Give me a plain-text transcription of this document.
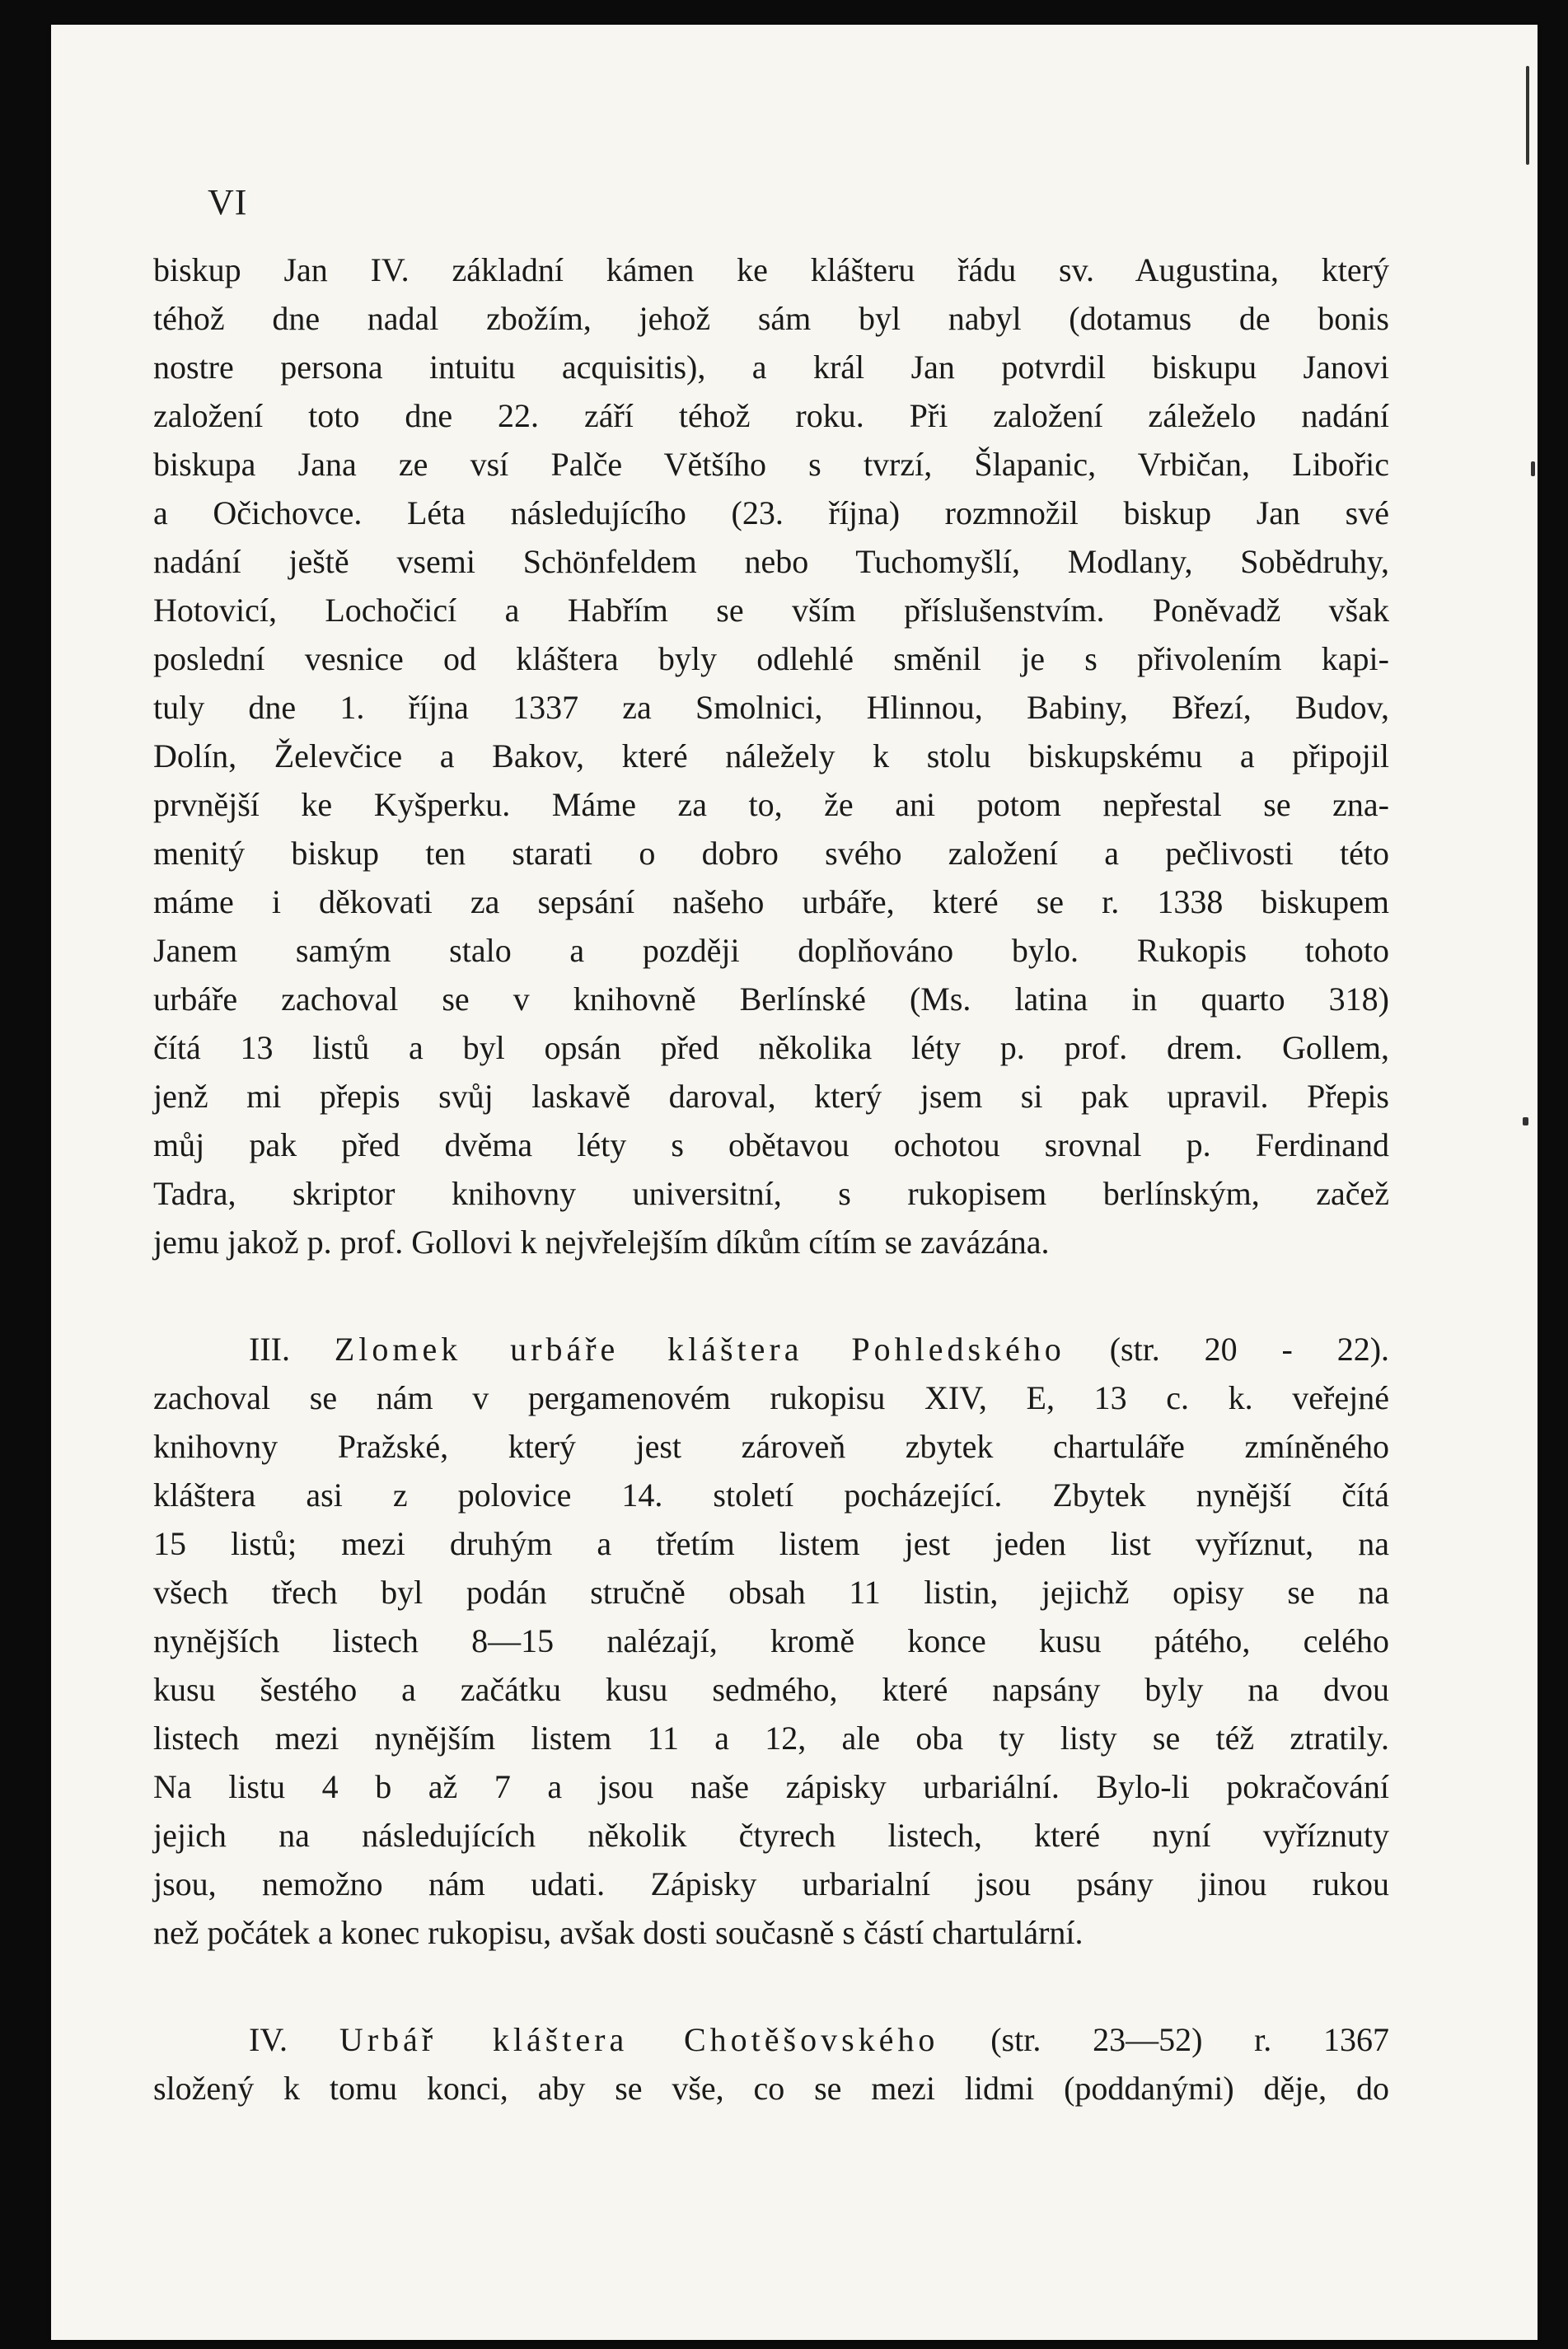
VI
biskup Jan IV. základní kámen ke klášteru řádu sv. Augustina, který
téhož dne nadal zbožím, jehož sám byl nabyl (dotamus de bonis
nostre persona intuitu acquisitis), a král Jan potvrdil biskupu Janovi
založení toto dne 22. září téhož roku. Při založení záleželo nadání
biskupa Jana ze vsí Palče Většího s tvrzí, Šlapanic, Vrbičan, Libořic
a Očichovce. Léta následujícího (23. října) rozmnožil biskup Jan své
nadání ještě vsemi Schönfeldem nebo Tuchomyšlí, Modlany, Sobědruhy,
Hotovicí, Lochočicí a Habřím se vším příslušenstvím. Poněvadž však
poslední vesnice od kláštera byly odlehlé směnil je s přivolením kapi-
tuly dne 1. října 1337 za Smolnici, Hlinnou, Babiny, Březí, Budov,
Dolín, Želevčice a Bakov, které náležely k stolu biskupskému a připojil
prvnější ke Kyšperku. Máme za to, že ani potom nepřestal se zna-
menitý biskup ten starati o dobro svého založení a pečlivosti této
máme i děkovati za sepsání našeho urbáře, které se r. 1338 biskupem
Janem samým stalo a později doplňováno bylo. Rukopis tohoto
urbáře zachoval se v knihovně Berlínské (Ms. latina in quarto 318)
čítá 13 listů a byl opsán před několika léty p. prof. drem. Gollem,
jenž mi přepis svůj laskavě daroval, který jsem si pak upravil. Přepis
můj pak před dvěma léty s obětavou ochotou srovnal p. Ferdinand
Tadra, skriptor knihovny universitní, s rukopisem berlínským, začež
jemu jakož p. prof. Gollovi k nejvřelejším díkům cítím se zavázána.
III. Zlomek urbáře kláštera Pohledského (str. 20 - 22).
zachoval se nám v pergamenovém rukopisu XIV, E, 13 c. k. veřejné
knihovny Pražské, který jest zároveň zbytek chartuláře zmíněného
kláštera asi z polovice 14. století pocházející. Zbytek nynější čítá
15 listů; mezi druhým a třetím listem jest jeden list vyříznut, na
všech třech byl podán stručně obsah 11 listin, jejichž opisy se na
nynějších listech 8—15 nalézají, kromě konce kusu pátého, celého
kusu šestého a začátku kusu sedmého, které napsány byly na dvou
listech mezi nynějším listem 11 a 12, ale oba ty listy se též ztratily.
Na listu 4 b až 7 a jsou naše zápisky urbariální. Bylo-li pokračování
jejich na následujících několik čtyrech listech, které nyní vyříznuty
jsou, nemožno nám udati. Zápisky urbarialní jsou psány jinou rukou
než počátek a konec rukopisu, avšak dosti současně s částí chartulární.
IV. Urbář kláštera Chotěšovského (str. 23—52) r. 1367
složený k tomu konci, aby se vše, co se mezi lidmi (poddanými) děje, do
